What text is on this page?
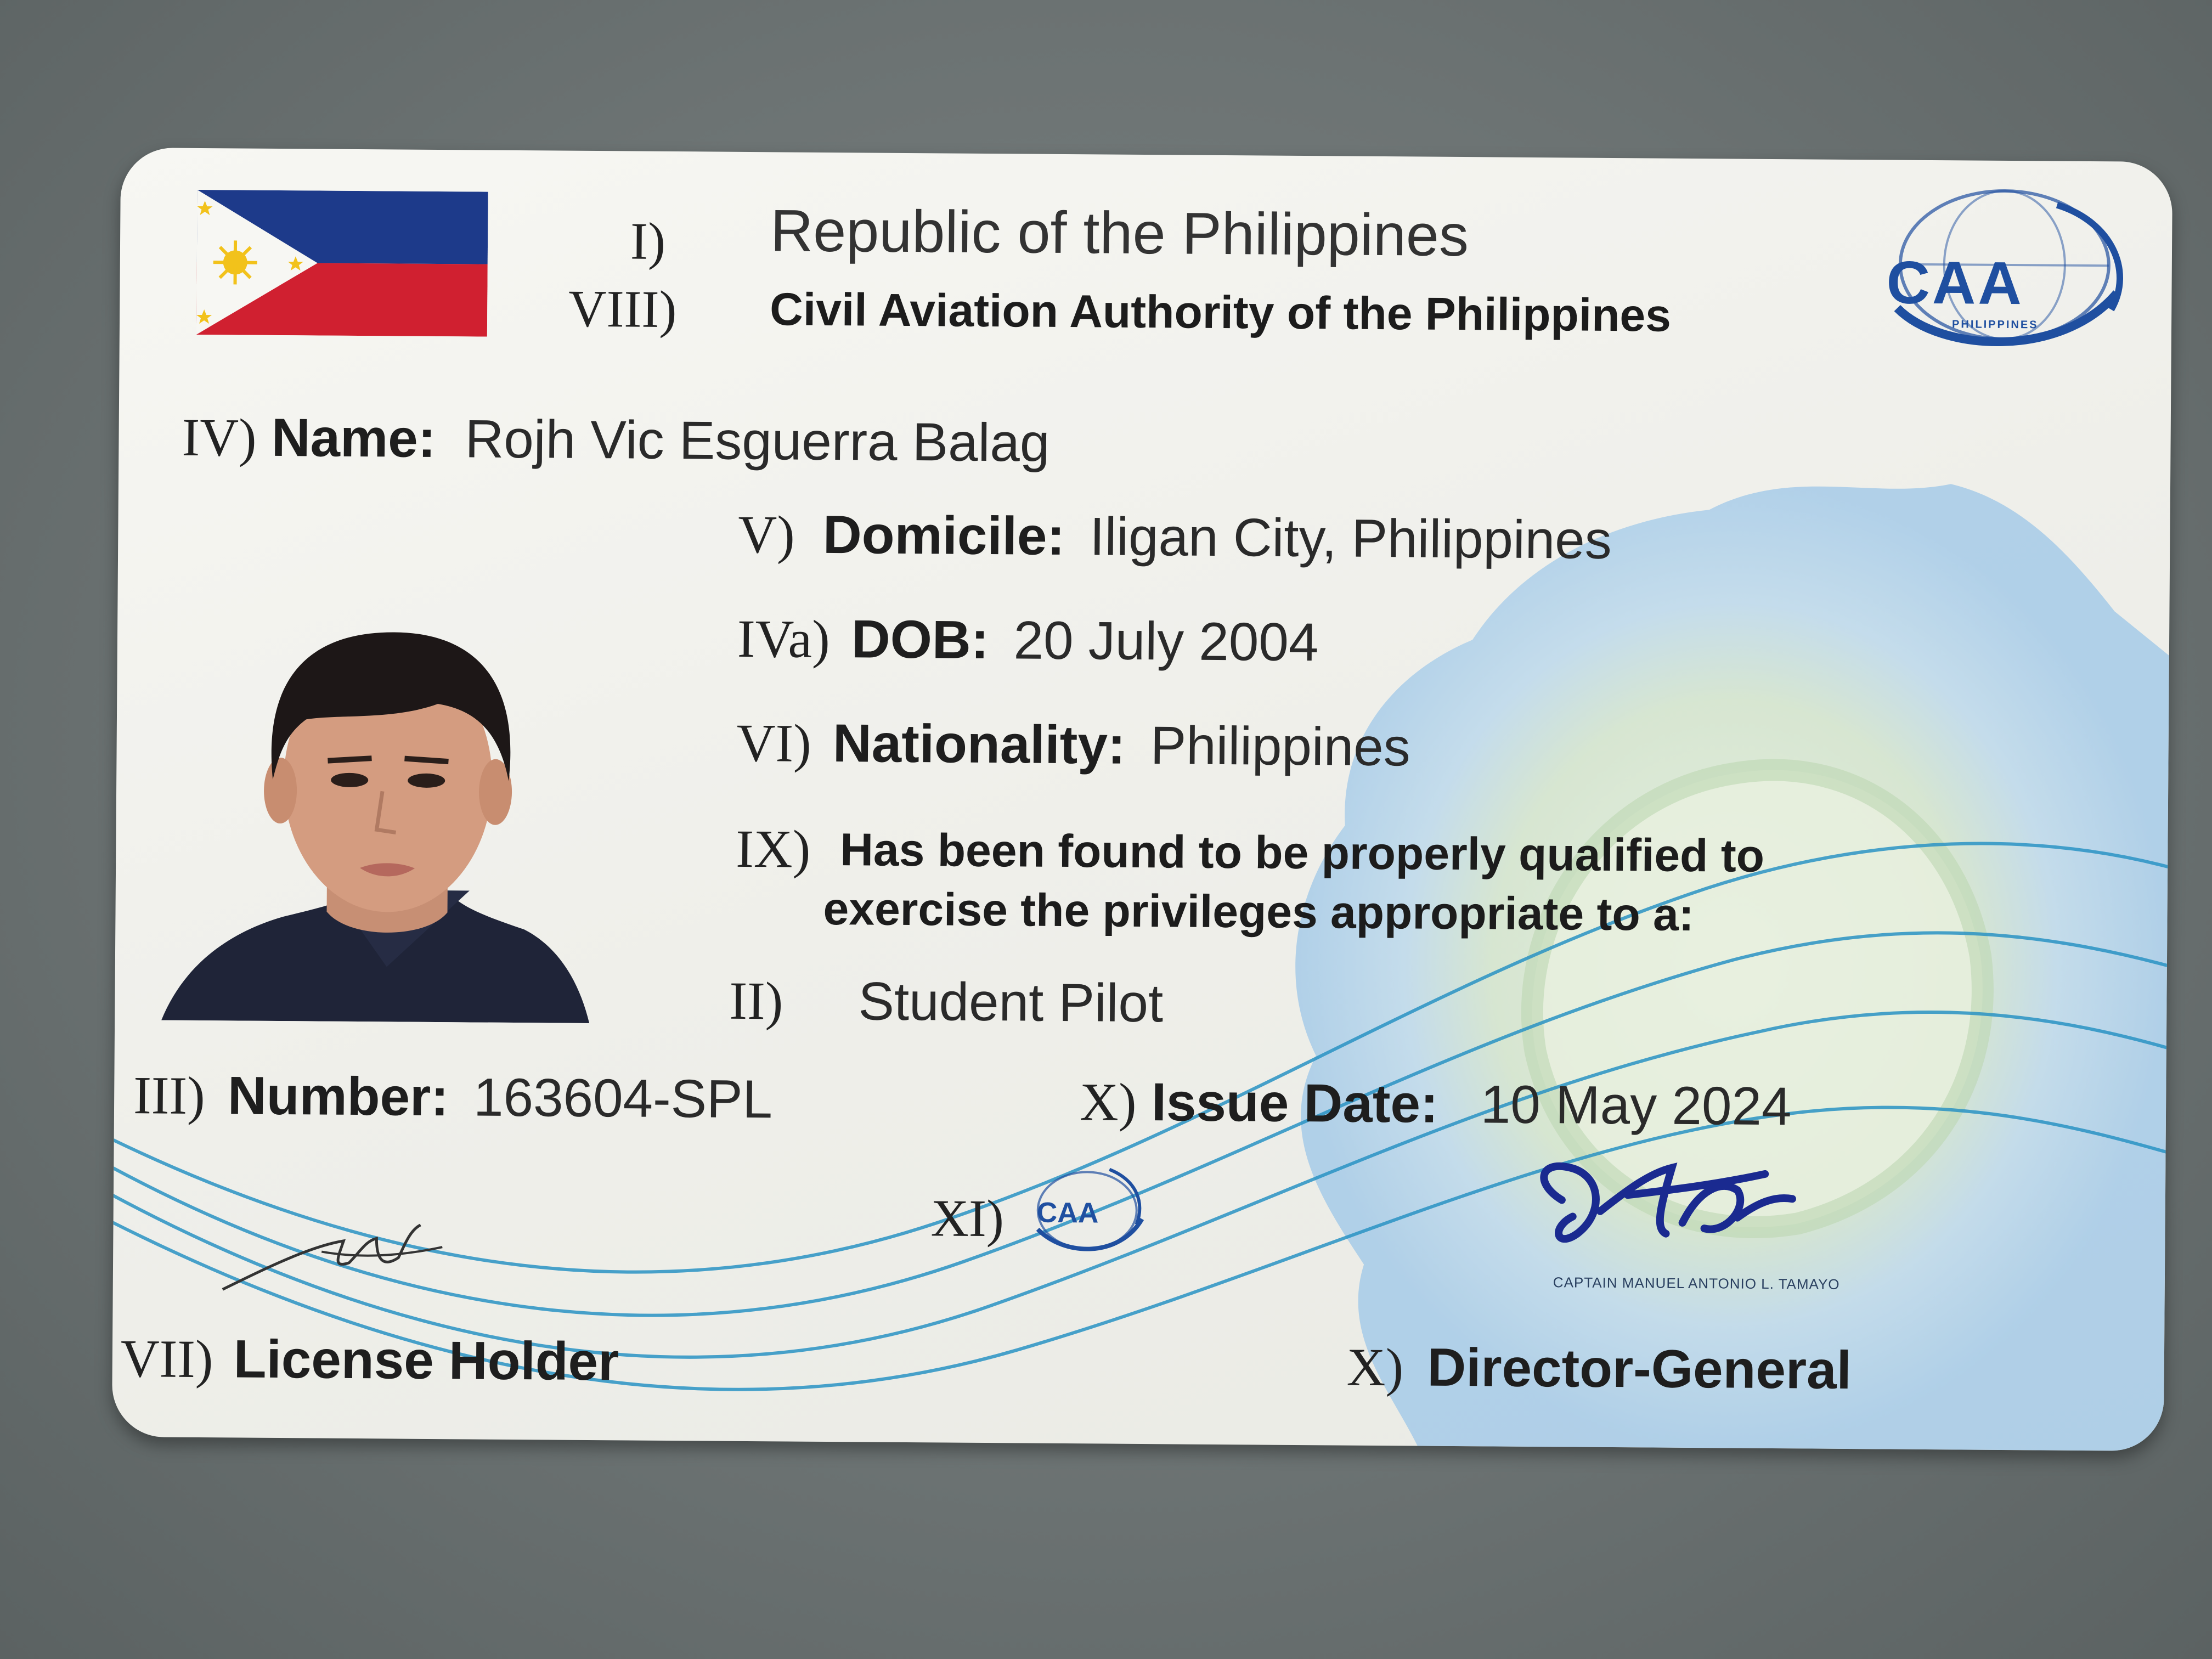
I) Republic of the Philippines
VIII) Civil Aviation Authority of the Philippines	CAA
PHILIPPINES
IV) Name: Rojh Vic Esguerra Balag
V) Domicile: Iligan City, Philippines
IVa) DOB: 20 July 2004
VI) Nationality: Philippines
IX) Has been found to be properly qualified to
exercise the privileges appropriate to a:
II) Student Pilot
III) Number: 163604-SPL	X) Issue Date: 10 May 2024
XI) CAA
CAPTAIN MANUEL ANTONIO L. TAMAYO
VII) License Holder	X) Director-General
